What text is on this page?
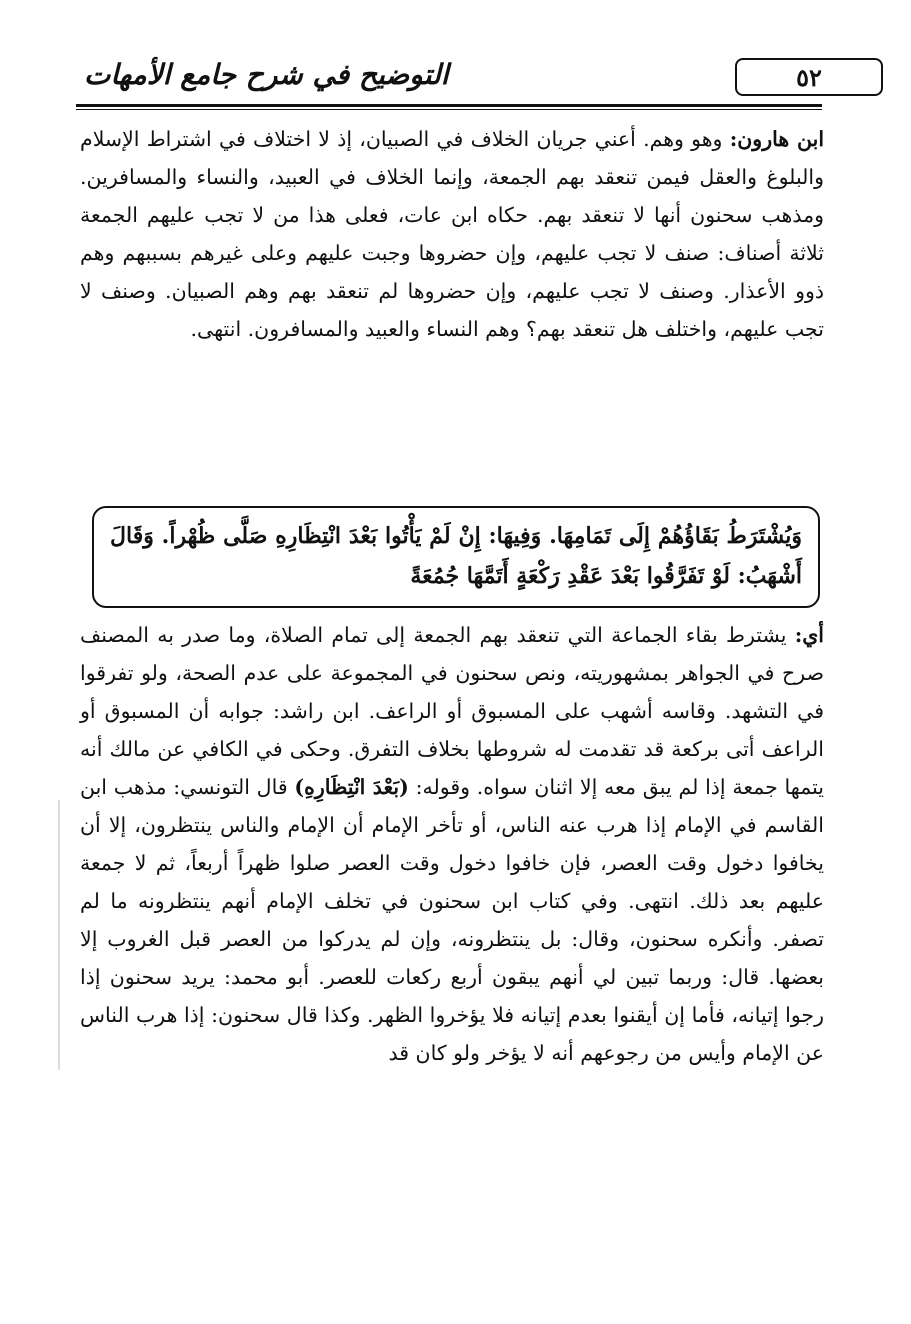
٥٢
التوضيح في شرح جامع الأمهات
ابن هارون: وهو وهم. أعني جريان الخلاف في الصبيان، إذ لا اختلاف في اشتراط الإسلام والبلوغ والعقل فيمن تنعقد بهم الجمعة، وإنما الخلاف في العبيد، والنساء والمسافرين. ومذهب سحنون أنها لا تنعقد بهم. حكاه ابن عات، فعلى هذا من لا تجب عليهم الجمعة ثلاثة أصناف: صنف لا تجب عليهم، وإن حضروها وجبت عليهم وعلى غيرهم بسببهم وهم ذوو الأعذار. وصنف لا تجب عليهم، وإن حضروها لم تنعقد بهم وهم الصبيان. وصنف لا تجب عليهم، واختلف هل تنعقد بهم؟ وهم النساء والعبيد والمسافرون. انتهى.
وَيُشْتَرَطُ بَقَاؤُهُمْ إِلَى تَمَامِهَا. وَفِيهَا: إِنْ لَمْ يَأْتُوا بَعْدَ انْتِظَارِهِ صَلَّى ظُهْراً. وَقَالَ أَشْهَبُ: لَوْ تَفَرَّقُوا بَعْدَ عَقْدِ رَكْعَةٍ أَتَمَّهَا جُمُعَةً
أي: يشترط بقاء الجماعة التي تنعقد بهم الجمعة إلى تمام الصلاة، وما صدر به المصنف صرح في الجواهر بمشهوريته، ونص سحنون في المجموعة على عدم الصحة، ولو تفرقوا في التشهد. وقاسه أشهب على المسبوق أو الراعف. ابن راشد: جوابه أن المسبوق أو الراعف أتى بركعة قد تقدمت له شروطها بخلاف التفرق. وحكى في الكافي عن مالك أنه يتمها جمعة إذا لم يبق معه إلا اثنان سواه. وقوله: (بَعْدَ انْتِظَارِهِ) قال التونسي: مذهب ابن القاسم في الإمام إذا هرب عنه الناس، أو تأخر الإمام أن الإمام والناس ينتظرون، إلا أن يخافوا دخول وقت العصر، فإن خافوا دخول وقت العصر صلوا ظهراً أربعاً، ثم لا جمعة عليهم بعد ذلك. انتهى. وفي كتاب ابن سحنون في تخلف الإمام أنهم ينتظرونه ما لم تصفر. وأنكره سحنون، وقال: بل ينتظرونه، وإن لم يدركوا من العصر قبل الغروب إلا بعضها. قال: وربما تبين لي أنهم يبقون أربع ركعات للعصر. أبو محمد: يريد سحنون إذا رجوا إتيانه، فأما إن أيقنوا بعدم إتيانه فلا يؤخروا الظهر. وكذا قال سحنون: إذا هرب الناس عن الإمام وأيس من رجوعهم أنه لا يؤخر ولو كان قد
